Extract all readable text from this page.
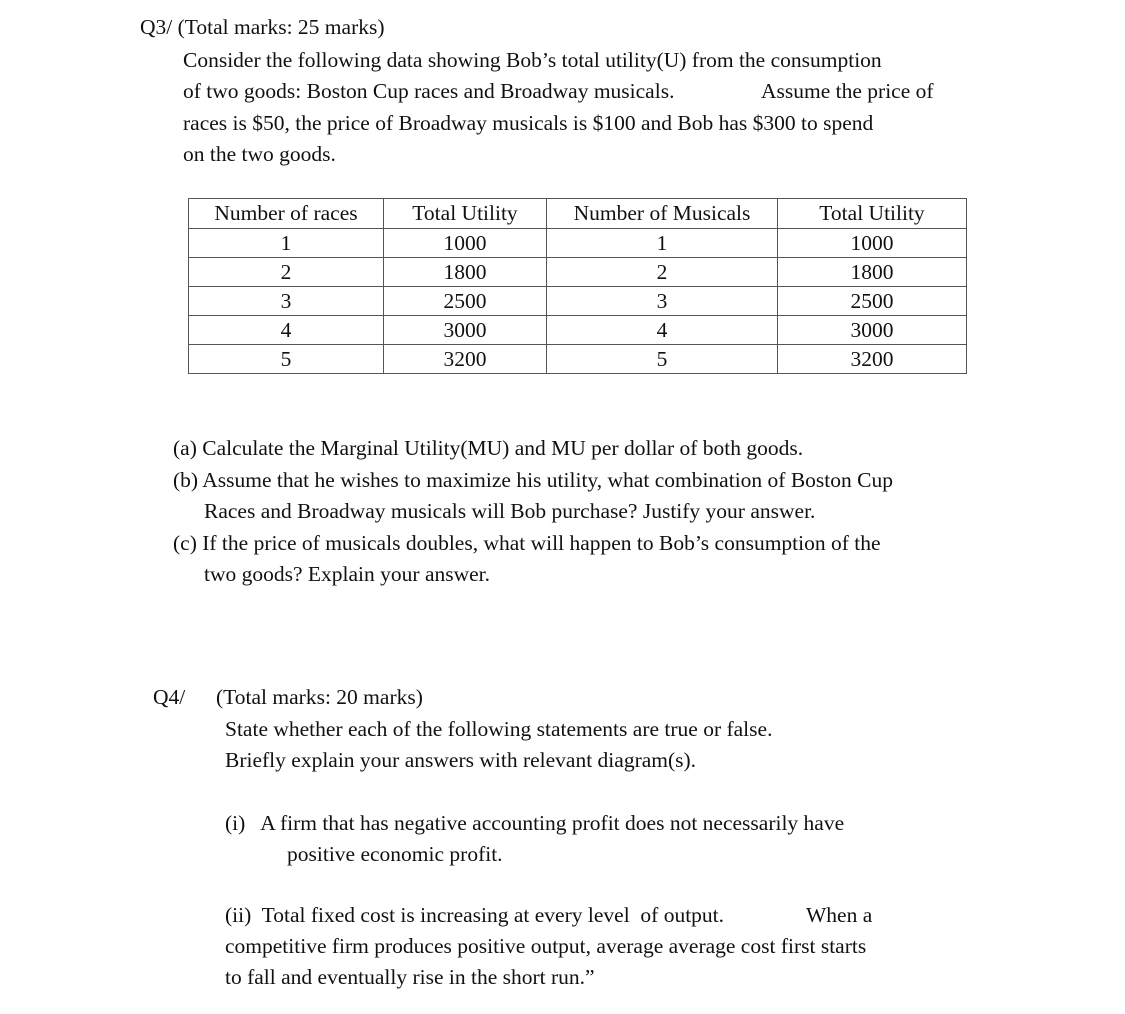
Q3/ (Total marks: 25 marks)
Consider the following data showing Bob’s total utility(U) from the consumption
of two goods: Boston Cup races and Broadway musicals.	Assume the price of
races is $50, the price of Broadway musicals is $100 and Bob has $300 to spend
on the two goods.
Number of races	Total Utility	Number of Musicals	Total Utility
1	1000	1	1000
2	1800	2	1800
3	2500	3	2500
4	3000	4	3000
5	3200	5	3200
(a) Calculate the Marginal Utility(MU) and MU per dollar of both goods.
(b) Assume that he wishes to maximize his utility, what combination of Boston Cup
Races and Broadway musicals will Bob purchase? Justify your answer.
(c) If the price of musicals doubles, what will happen to Bob’s consumption of the
two goods? Explain your answer.
Q4/ (Total marks: 20 marks)
State whether each of the following statements are true or false.
Briefly explain your answers with relevant diagram(s).
(i)   A firm that has negative accounting profit does not necessarily have
positive economic profit.
(ii)  Total fixed cost is increasing at every level  of output.	When a
competitive firm produces positive output, average average cost first starts
to fall and eventually rise in the short run.”
